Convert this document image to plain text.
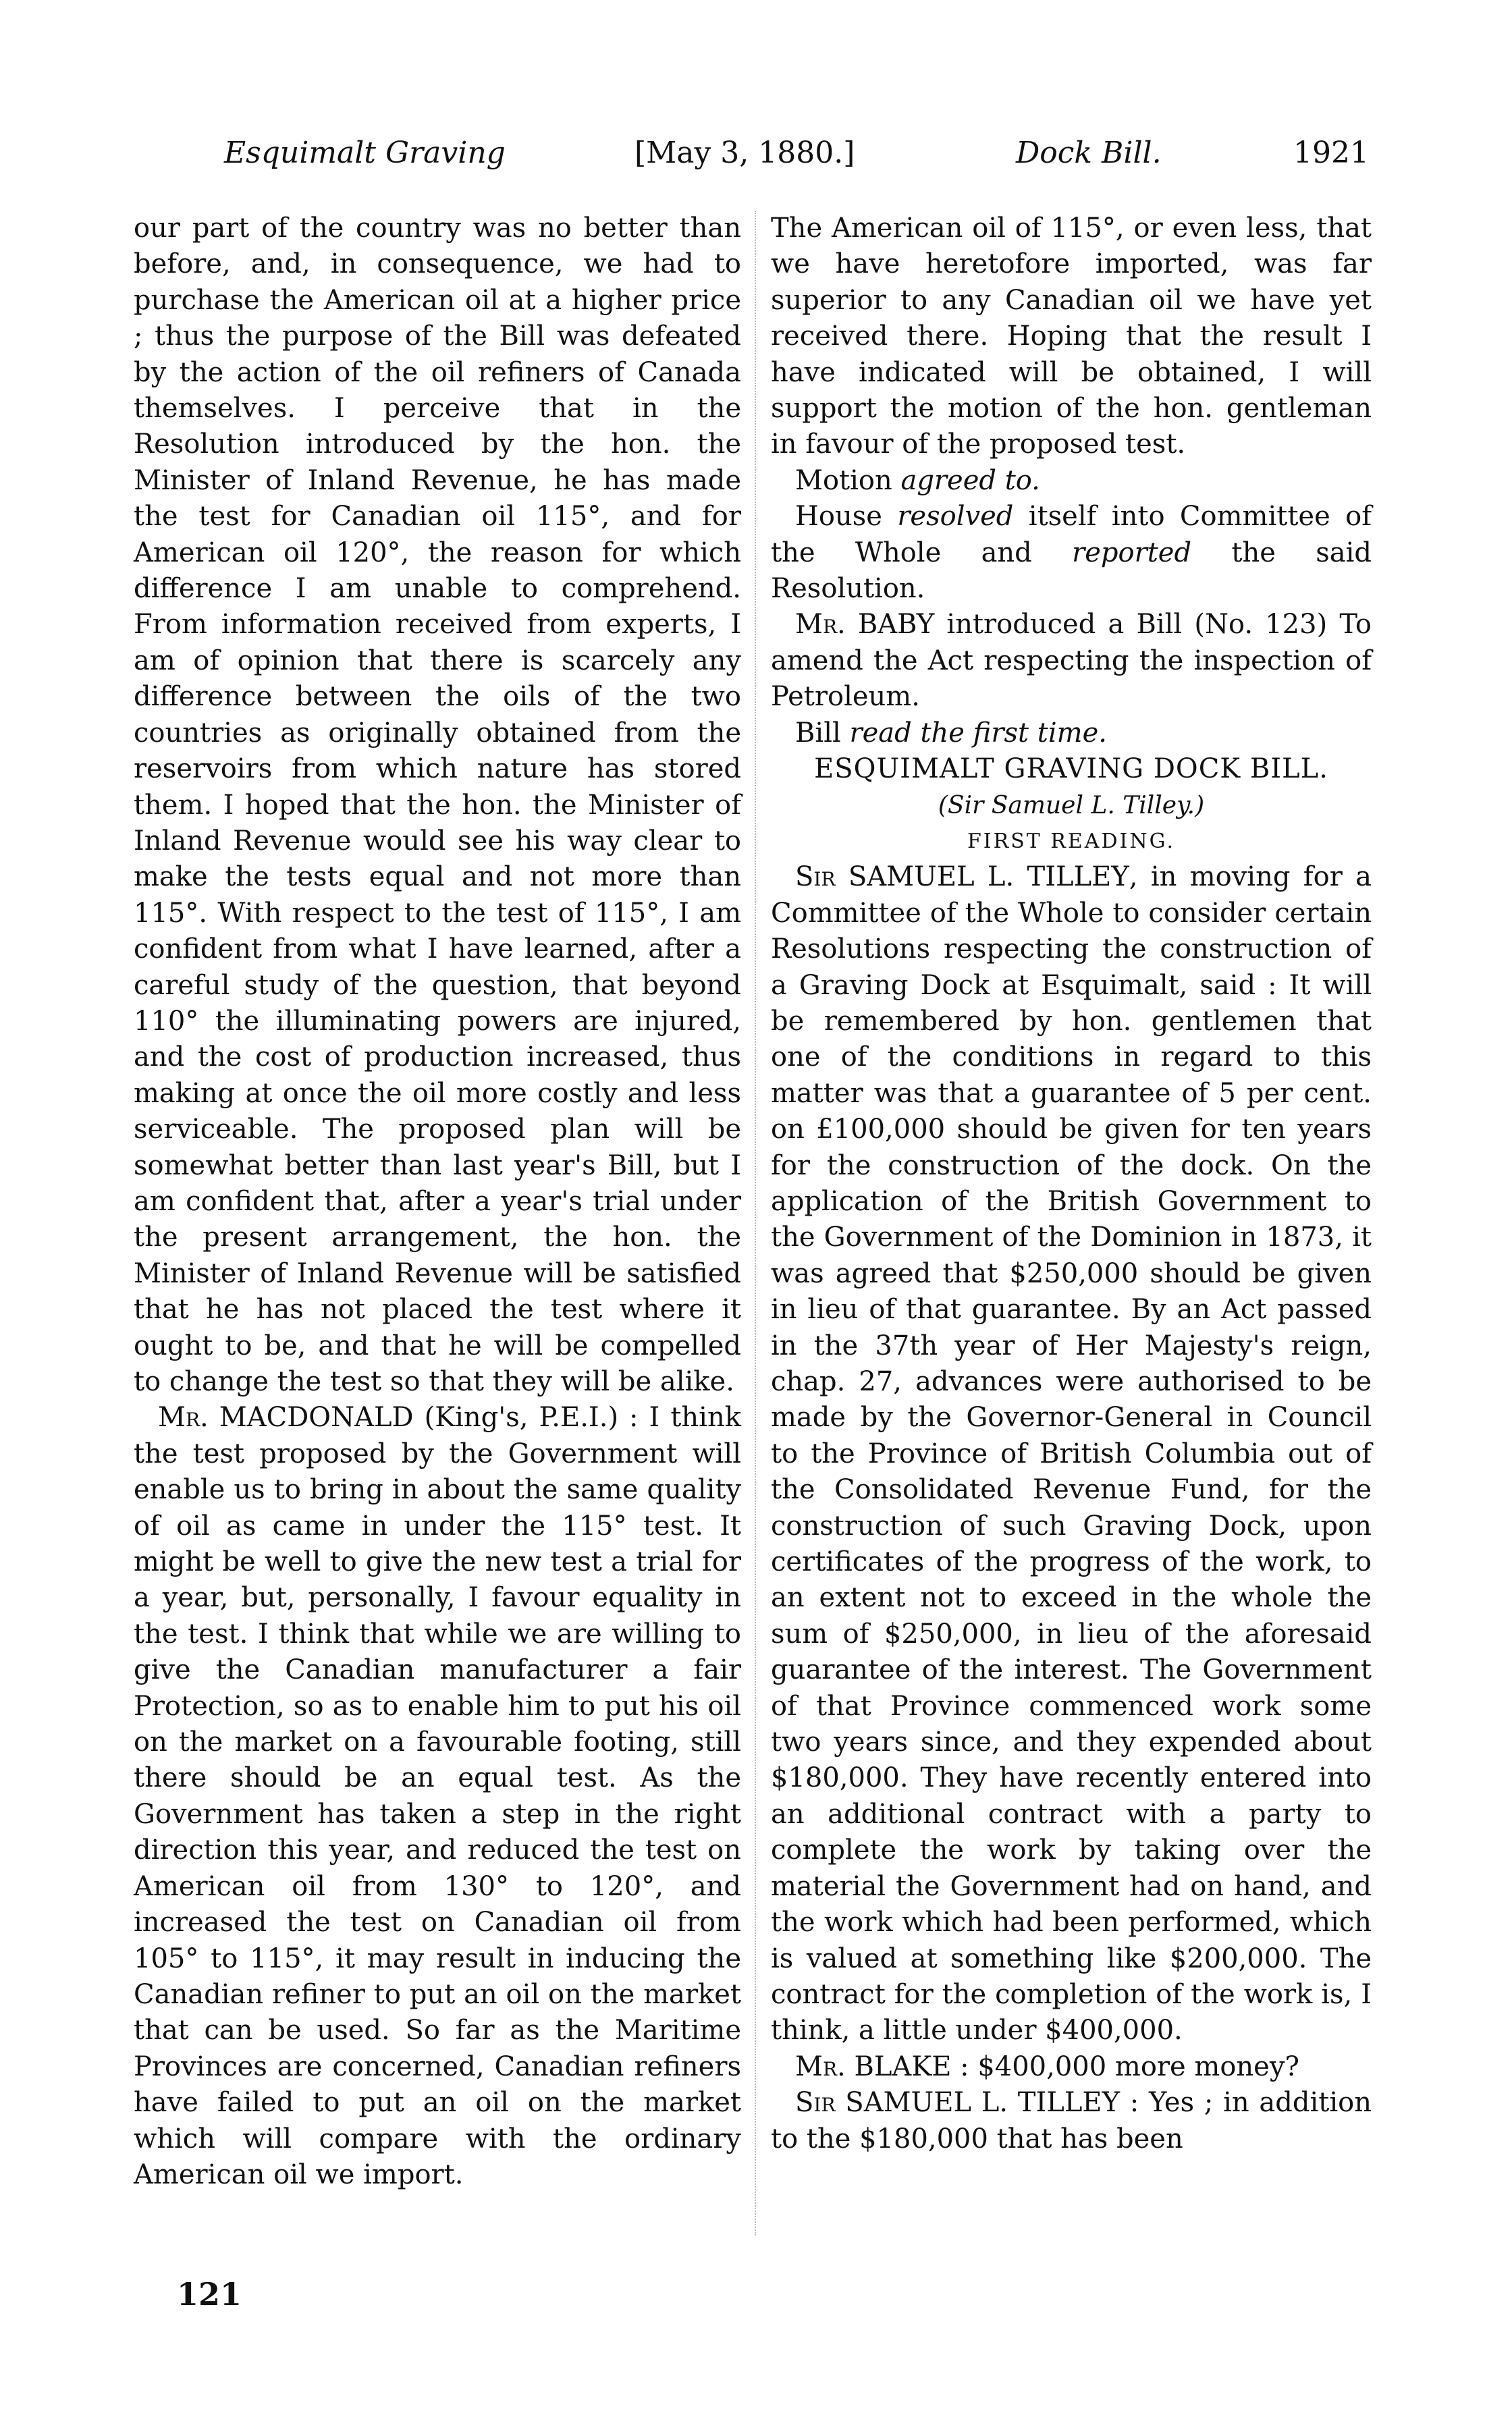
Esquimalt Graving	[May 3, 1880.]	Dock Bill.	1921

our part of the country was no better than before, and, in consequence, we had to purchase the American oil at a higher price ; thus the purpose of the Bill was defeated by the action of the oil refiners of Canada themselves. I perceive that in the Resolution introduced by the hon. the Minister of Inland Revenue, he has made the test for Canadian oil 115°, and for American oil 120°, the reason for which difference I am unable to comprehend. From information received from experts, I am of opinion that there is scarcely any difference between the oils of the two countries as originally obtained from the reservoirs from which nature has stored them. I hoped that the hon. the Minister of Inland Revenue would see his way clear to make the tests equal and not more than 115°. With respect to the test of 115°, I am confident from what I have learned, after a careful study of the question, that beyond 110° the illuminating powers are injured, and the cost of production increased, thus making at once the oil more costly and less serviceable. The proposed plan will be somewhat better than last year's Bill, but I am confident that, after a year's trial under the present arrangement, the hon. the Minister of Inland Revenue will be satisfied that he has not placed the test where it ought to be, and that he will be compelled to change the test so that they will be alike.

Mr. MACDONALD (King's, P.E.I.) : I think the test proposed by the Government will enable us to bring in about the same quality of oil as came in under the 115° test. It might be well to give the new test a trial for a year, but, personally, I favour equality in the test. I think that while we are willing to give the Canadian manufacturer a fair Protection, so as to enable him to put his oil on the market on a favourable footing, still there should be an equal test. As the Government has taken a step in the right direction this year, and reduced the test on American oil from 130° to 120°, and increased the test on Canadian oil from 105° to 115°, it may result in inducing the Canadian refiner to put an oil on the market that can be used. So far as the Maritime Provinces are concerned, Canadian refiners have failed to put an oil on the market which will compare with the ordinary American oil we import.

The American oil of 115°, or even less, that we have heretofore imported, was far superior to any Canadian oil we have yet received there. Hoping that the result I have indicated will be obtained, I will support the motion of the hon. gentleman in favour of the proposed test.

Motion agreed to.

House resolved itself into Committee of the Whole and reported the said Resolution.

Mr. BABY introduced a Bill (No. 123) To amend the Act respecting the inspection of Petroleum.

Bill read the first time.

ESQUIMALT GRAVING DOCK BILL.

(Sir Samuel L. Tilley.)

FIRST READING.

Sir SAMUEL L. TILLEY, in moving for a Committee of the Whole to consider certain Resolutions respecting the construction of a Graving Dock at Esquimalt, said : It will be remembered by hon. gentlemen that one of the conditions in regard to this matter was that a guarantee of 5 per cent. on £100,000 should be given for ten years for the construction of the dock. On the application of the British Government to the Government of the Dominion in 1873, it was agreed that $250,000 should be given in lieu of that guarantee. By an Act passed in the 37th year of Her Majesty's reign, chap. 27, advances were authorised to be made by the Governor-General in Council to the Province of British Columbia out of the Consolidated Revenue Fund, for the construction of such Graving Dock, upon certificates of the progress of the work, to an extent not to exceed in the whole the sum of $250,000, in lieu of the aforesaid guarantee of the interest. The Government of that Province commenced work some two years since, and they expended about $180,000. They have recently entered into an additional contract with a party to complete the work by taking over the material the Government had on hand, and the work which had been performed, which is valued at something like $200,000. The contract for the completion of the work is, I think, a little under $400,000.

Mr. BLAKE : $400,000 more money?

Sir SAMUEL L. TILLEY : Yes ; in addition to the $180,000 that has been

121
